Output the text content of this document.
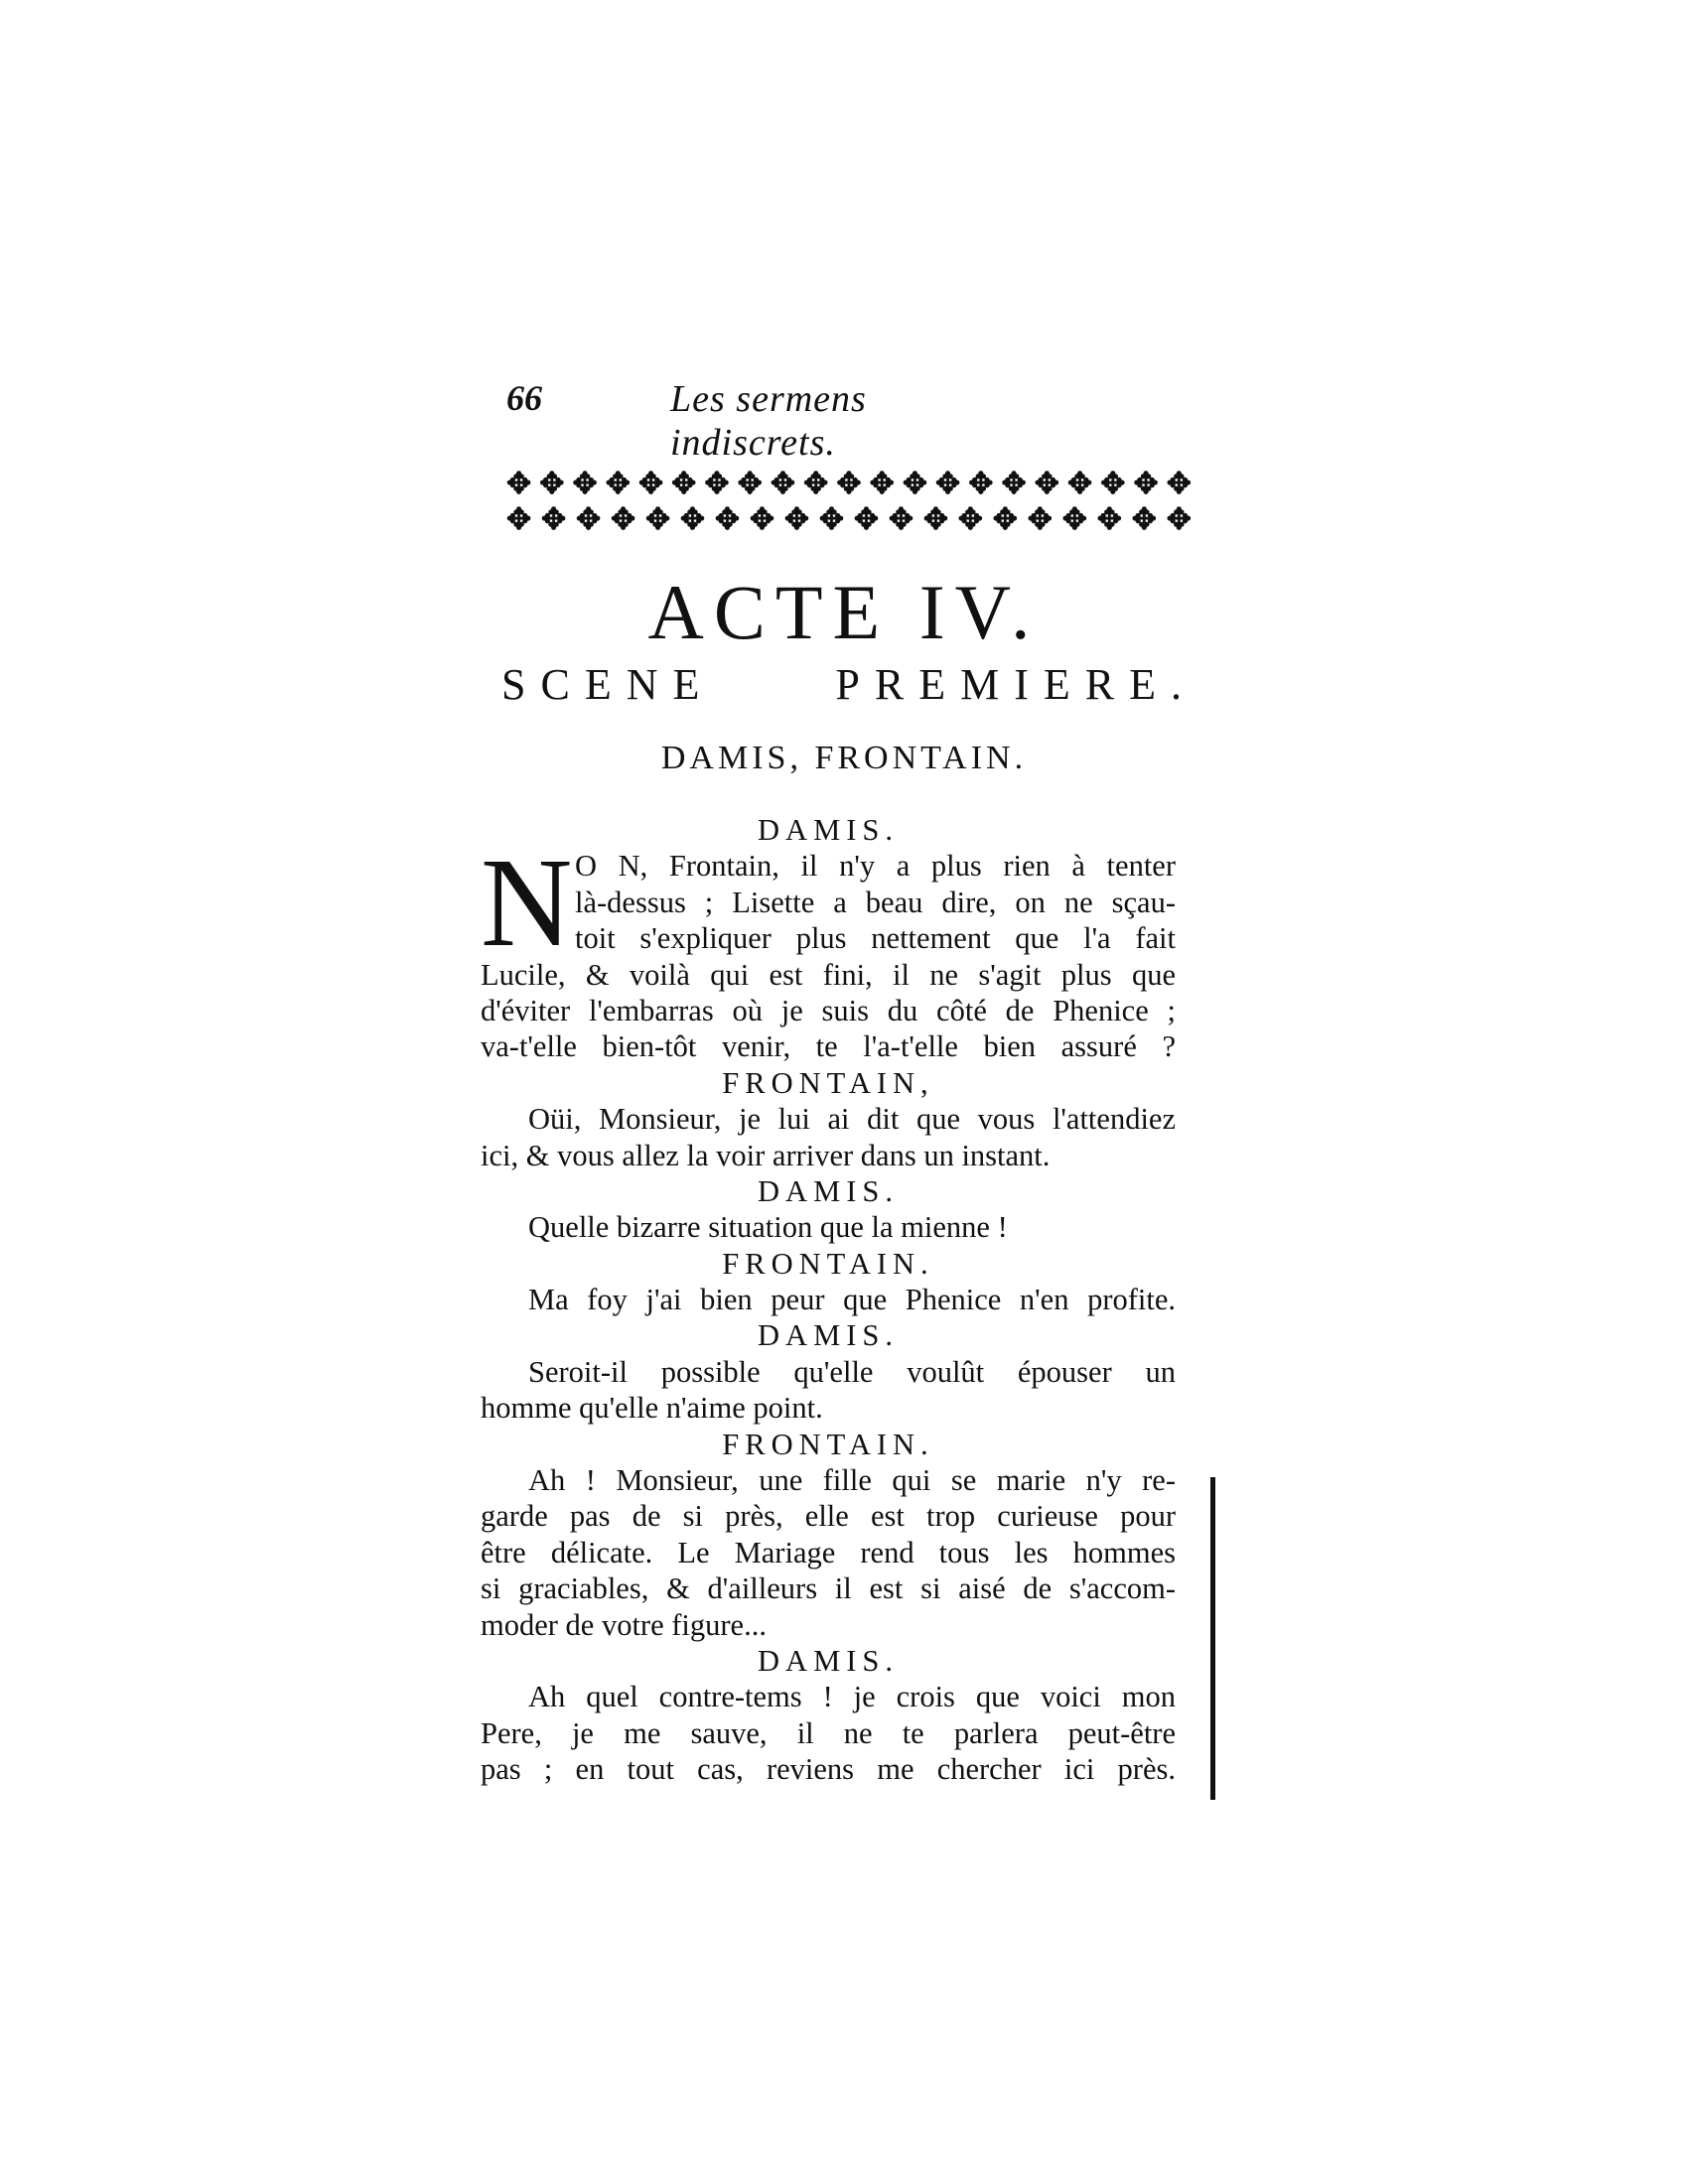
66	Les sermens indiscrets.
✥ ✥ ✥ ✥ ✥ ✥ ✥ ✥ ✥ ✥ ✥ ✥ ✥ ✥ ✥ ✥ ✥ ✥ ✥ ✥ ✥
✥ ✥ ✥ ✥ ✥ ✥ ✥ ✥ ✥ ✥ ✥ ✥ ✥ ✥ ✥ ✥ ✥ ✥ ✥ ✥
ACTE IV.
SCENE	PREMIERE.
DAMIS, FRONTAIN.
N
DAMIS.
O N, Frontain, il n'y a plus rien à tenter
là-dessus ; Lisette a beau dire, on ne sçau-
toit s'expliquer plus nettement que l'a fait
Lucile, & voilà qui est fini, il ne s'agit plus que
d'éviter l'embarras où je suis du côté de Phenice ;
va-t'elle bien-tôt venir, te l'a-t'elle bien assuré ?
FRONTAIN,
Oüi, Monsieur, je lui ai dit que vous l'attendiez
ici, & vous allez la voir arriver dans un instant.
DAMIS.
Quelle bizarre situation que la mienne !
FRONTAIN.
Ma foy j'ai bien peur que Phenice n'en profite.
DAMIS.
Seroit-il possible qu'elle voulût épouser un
homme qu'elle n'aime point.
FRONTAIN.
Ah ! Monsieur, une fille qui se marie n'y re-
garde pas de si près, elle est trop curieuse pour
être délicate. Le Mariage rend tous les hommes
si graciables, & d'ailleurs il est si aisé de s'accom-
moder de votre figure...
DAMIS.
Ah quel contre-tems ! je crois que voici mon
Pere, je me sauve, il ne te parlera peut-être
pas ; en tout cas, reviens me chercher ici près.
